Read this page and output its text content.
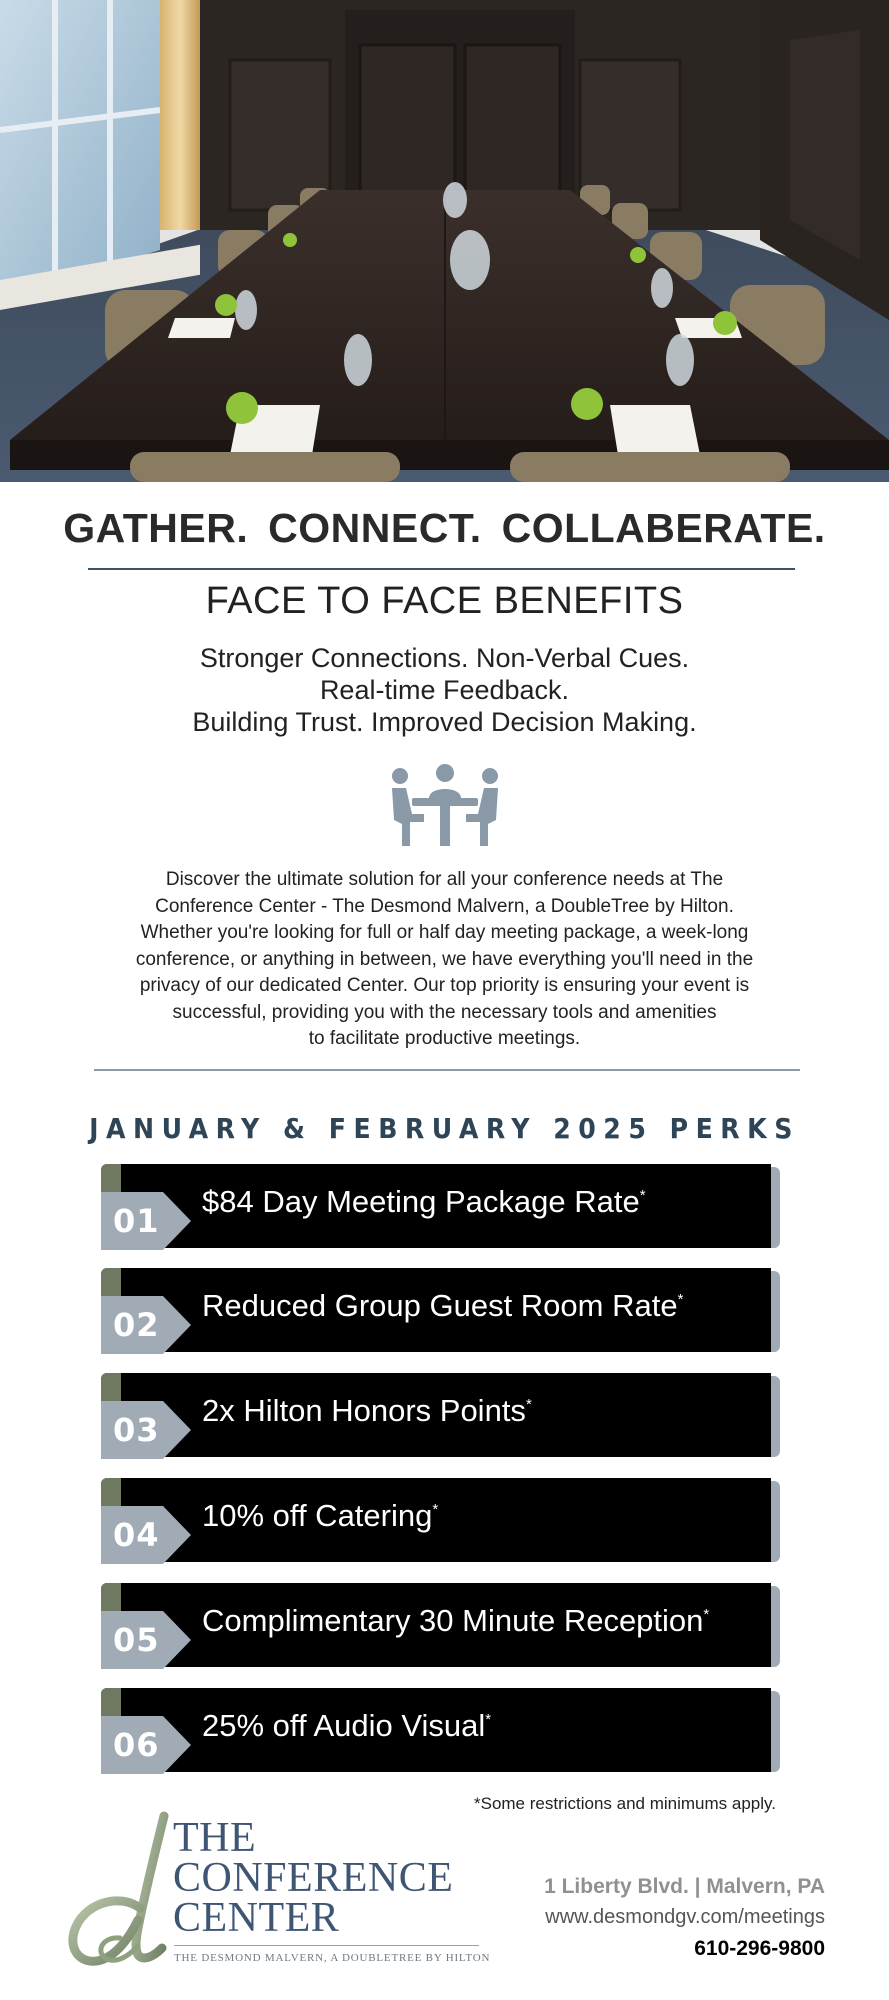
GATHER. CONNECT. COLLABERATE.
FACE TO FACE BENEFITS
Stronger Connections. Non-Verbal Cues.
Real-time Feedback.
Building Trust. Improved Decision Making.
Discover the ultimate solution for all your conference needs at The
Conference Center - The Desmond Malvern, a DoubleTree by Hilton.
Whether you're looking for full or half day meeting package, a week-long
conference, or anything in between, we have everything you'll need in the
privacy of our dedicated Center. Our top priority is ensuring your event is
successful, providing you with the necessary tools and amenities
to facilitate productive meetings.
JANUARY & FEBRUARY 2025 PERKS
01
$84 Day Meeting Package Rate*
02
Reduced Group Guest Room Rate*
03
2x Hilton Honors Points*
04
10% off Catering*
05
Complimentary 30 Minute Reception*
06
25% off Audio Visual*
*Some restrictions and minimums apply.
THE
CONFERENCE
CENTER
THE DESMOND MALVERN, A DOUBLETREE BY HILTON
1 Liberty Blvd. | Malvern, PA
www.desmondgv.com/meetings
610-296-9800
